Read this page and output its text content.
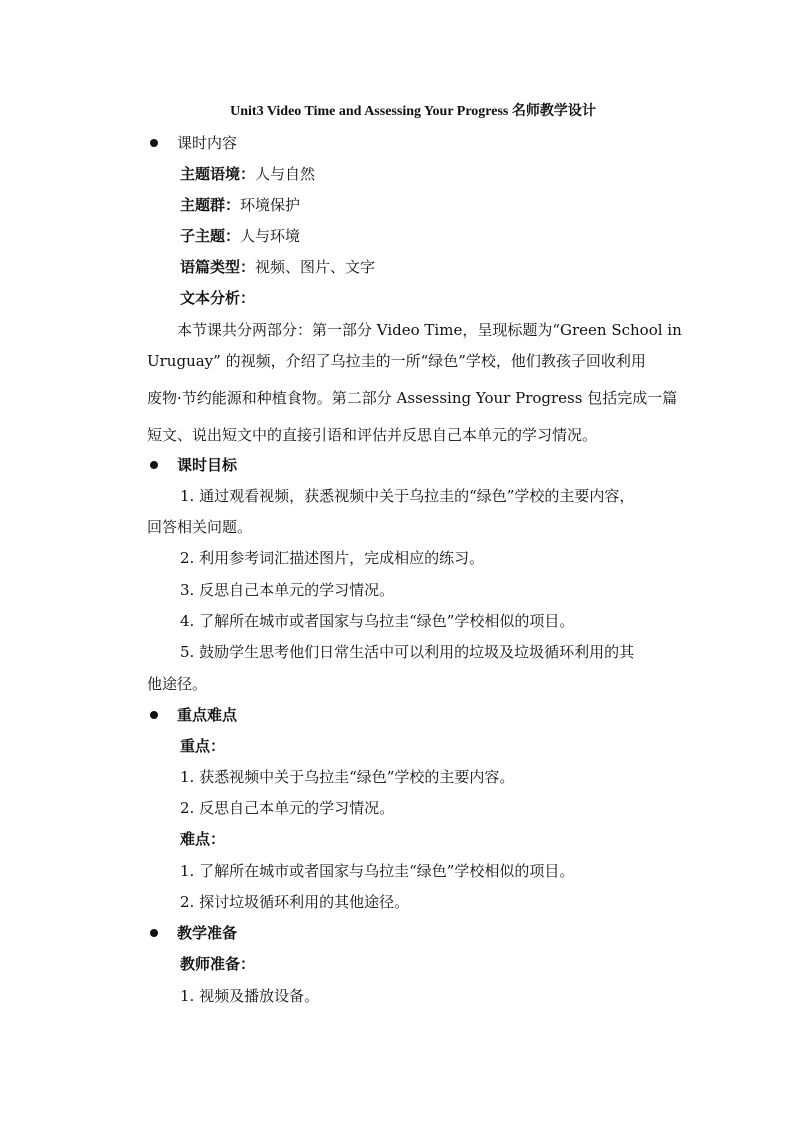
Unit3 Video Time and Assessing Your Progress 名师教学设计
课时内容
主题语境：人与自然
主题群：环境保护
子主题：人与环境
语篇类型：视频、图片、文字
文本分析：
本节课共分两部分：第一部分 Video Time，呈现标题为“Green School in
Uruguay” 的视频，介绍了乌拉圭的一所“绿色”学校，他们教孩子回收利用
废物·节约能源和种植食物。第二部分 Assessing Your Progress 包括完成一篇
短文、说出短文中的直接引语和评估并反思自己本单元的学习情况。
课时目标
1. 通过观看视频，获悉视频中关于乌拉圭的“绿色”学校的主要内容，
回答相关问题。
2. 利用参考词汇描述图片，完成相应的练习。
3. 反思自己本单元的学习情况。
4. 了解所在城市或者国家与乌拉圭“绿色”学校相似的项目。
5. 鼓励学生思考他们日常生活中可以利用的垃圾及垃圾循环利用的其
他途径。
重点难点
重点：
1. 获悉视频中关于乌拉圭“绿色”学校的主要内容。
2. 反思自己本单元的学习情况。
难点：
1. 了解所在城市或者国家与乌拉圭“绿色”学校相似的项目。
2. 探讨垃圾循环利用的其他途径。
教学准备
教师准备：
1. 视频及播放设备。
